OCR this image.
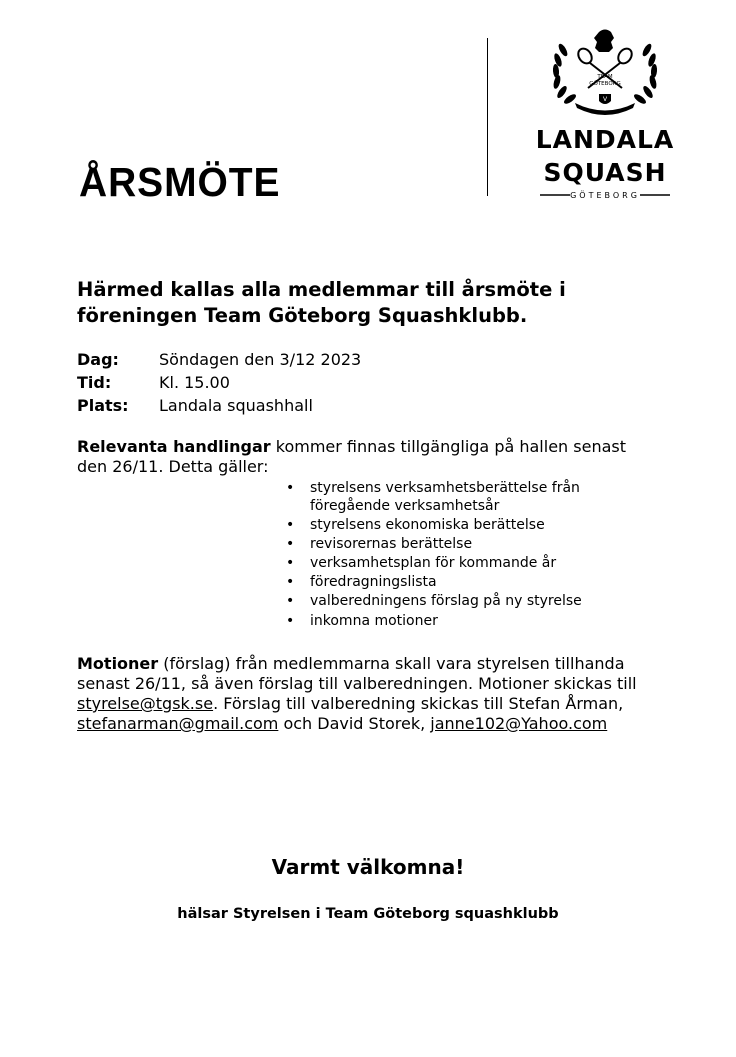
ÅRSMÖTE
TEAM
GÖTEBORG
V
LANDALA
SQUASH
GÖTEBORG
Härmed kallas alla medlemmar till årsmöte i föreningen Team Göteborg Squashklubb.
Dag:	Söndagen den 3/12 2023
Tid:	Kl. 15.00
Plats:	Landala squashhall
Relevanta handlingar kommer finnas tillgängliga på hallen senast den 26/11. Detta gäller:
• styrelsens verksamhetsberättelse från föregående verksamhetsår
• styrelsens ekonomiska berättelse
• revisorernas berättelse
• verksamhetsplan för kommande år
• föredragningslista
• valberedningens förslag på ny styrelse
• inkomna motioner
Motioner (förslag) från medlemmarna skall vara styrelsen tillhanda senast 26/11, så även förslag till valberedningen. Motioner skickas till styrelse@tgsk.se. Förslag till valberedning skickas till Stefan Årman, stefanarman@gmail.com och David Storek, janne102@Yahoo.com
Varmt välkomna!
hälsar Styrelsen i Team Göteborg squashklubb
